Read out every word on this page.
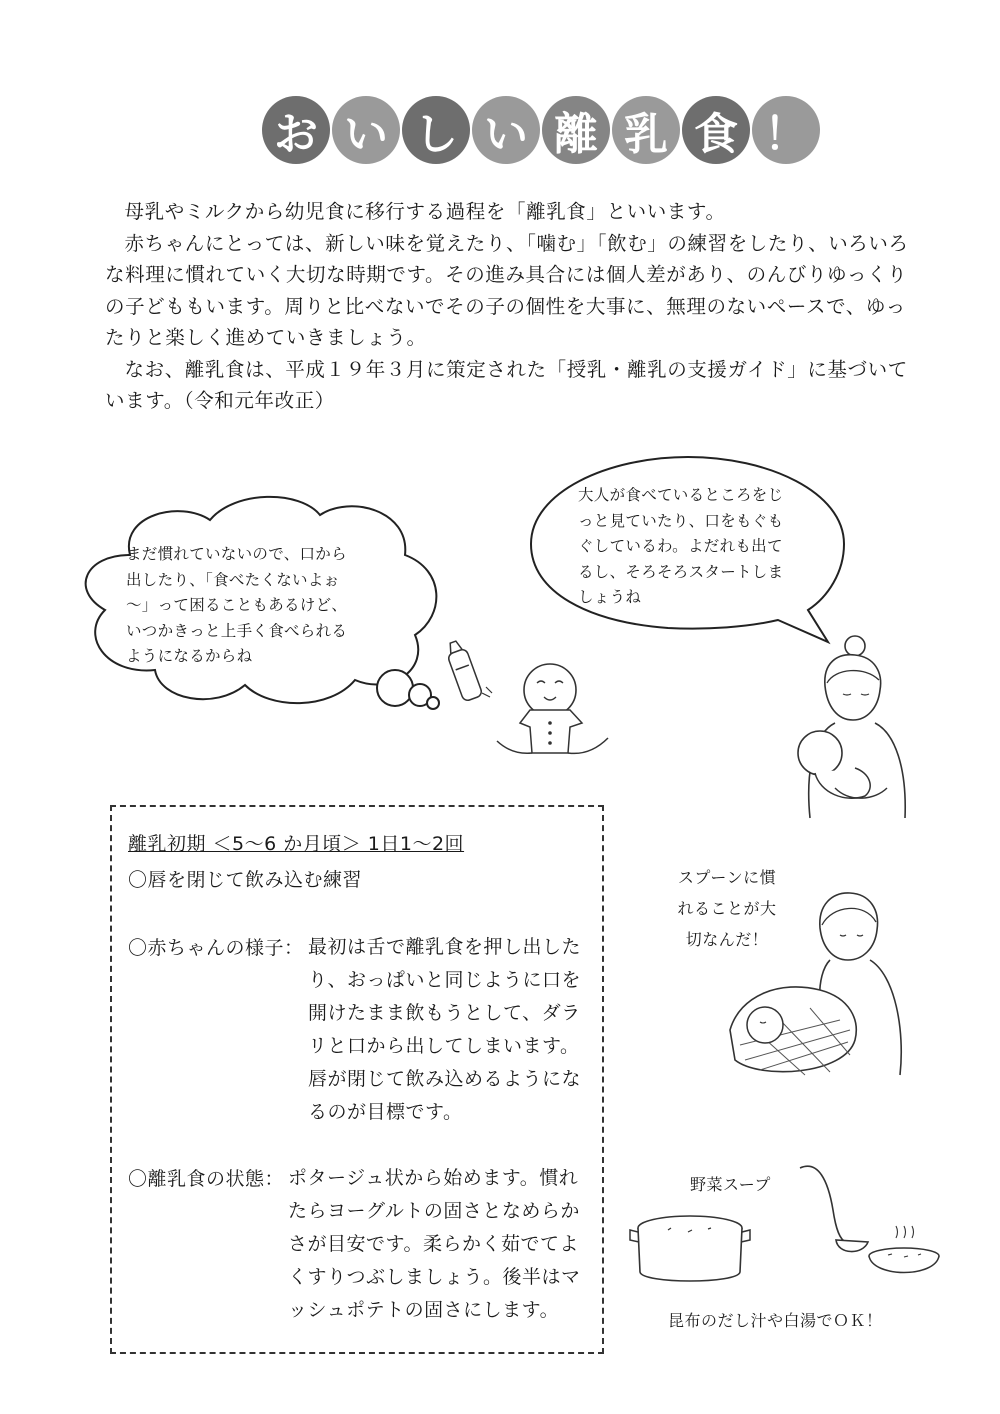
お い し い 離 乳 食 ！

母乳やミルクから幼児食に移行する過程を「離乳食」といいます。

赤ちゃんにとっては、新しい味を覚えたり、「噛む」「飲む」の練習をしたり、いろいろな料理に慣れていく大切な時期です。その進み具合には個人差があり、のんびりゆっくりの子どももいます。周りと比べないでその子の個性を大事に、無理のないペースで、ゆったりと楽しく進めていきましょう。

なお、離乳食は、平成１９年３月に策定された「授乳・離乳の支援ガイド」に基づいています。（令和元年改正）

まだ慣れていないので、口から出したり、「食べたくないよぉ～」って困ることもあるけど、いつかきっと上手く食べられるようになるからね
大人が食べているところをじっと見ていたり、口をもぐもぐしているわ。よだれも出てるし、そろそろスタートしましょうね
離乳初期 ＜5～6 か月頃＞ 1日1～2回
〇唇を閉じて飲み込む練習
〇赤ちゃんの様子： 最初は舌で離乳食を押し出したり、おっぱいと同じように口を開けたまま飲もうとして、ダラリと口から出してしまいます。唇が閉じて飲み込めるようになるのが目標です。
〇離乳食の状態： ポタージュ状から始めます。慣れたらヨーグルトの固さとなめらかさが目安です。柔らかく茹でてよくすりつぶしましょう。後半はマッシュポテトの固さにします。
スプーンに慣れることが大切なんだ！
野菜スープ
昆布のだし汁や白湯でＯＫ！
